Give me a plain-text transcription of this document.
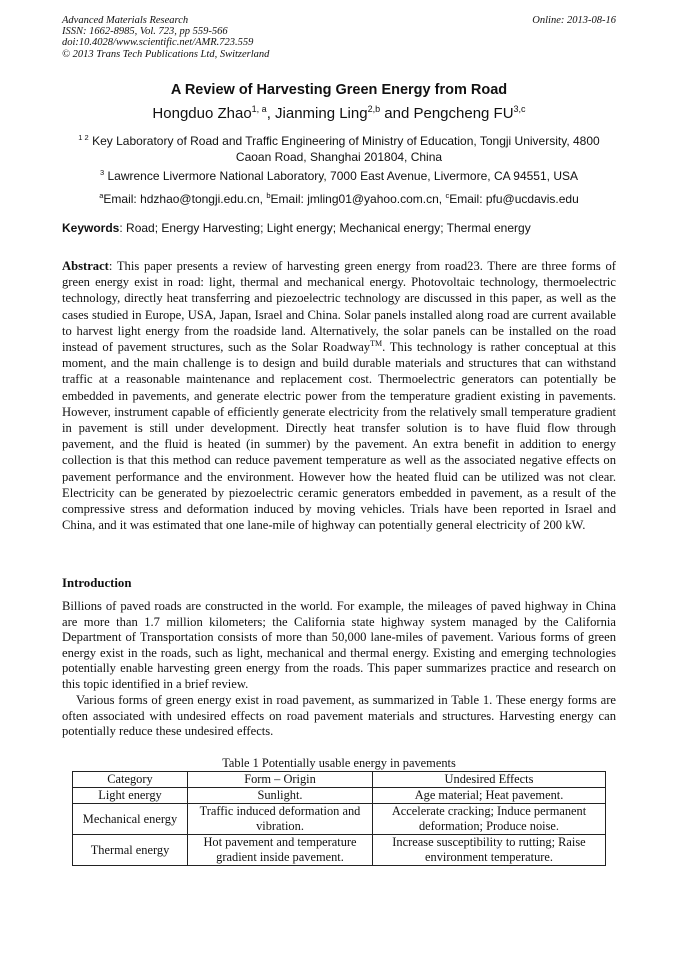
Advanced Materials Research
ISSN: 1662-8985, Vol. 723, pp 559-566
doi:10.4028/www.scientific.net/AMR.723.559
© 2013 Trans Tech Publications Ltd, Switzerland
Online: 2013-08-16
A Review of Harvesting Green Energy from Road
Hongduo Zhao$^{1, a}$, Jianming Ling$^{2,b}$ and Pengcheng FU$^{3,c}$
$^{1 2}$ Key Laboratory of Road and Traffic Engineering of Ministry of Education, Tongji University, 4800 Caoan Road, Shanghai 201804, China
$^3$ Lawrence Livermore National Laboratory, 7000 East Avenue, Livermore, CA 94551, USA
$^a$Email: hdzhao@tongji.edu.cn, $^b$Email: jmling01@yahoo.com.cn, $^c$Email: pfu@ucdavis.edu
Keywords: Road; Energy Harvesting; Light energy; Mechanical energy; Thermal energy
Abstract: This paper presents a review of harvesting green energy from road23. There are three forms of green energy exist in road: light, thermal and mechanical energy. Photovoltaic technology, thermoelectric technology, directly heat transferring and piezoelectric technology are discussed in this paper, as well as the cases studied in Europe, USA, Japan, Israel and China. Solar panels installed along road are current available to harvest light energy from the roadside land. Alternatively, the solar panels can be installed on the road instead of pavement structures, such as the Solar Roadway™. This technology is rather conceptual at this moment, and the main challenge is to design and build durable materials and structures that can withstand traffic at a reasonable maintenance and replacement cost. Thermoelectric generators can potentially be embedded in pavements, and generate electric power from the temperature gradient existing in pavements. However, instrument capable of efficiently generate electricity from the relatively small temperature gradient in pavement is still under development. Directly heat transfer solution is to have fluid flow through pavement, and the fluid is heated (in summer) by the pavement. An extra benefit in addition to energy collection is that this method can reduce pavement temperature as well as the associated negative effects on pavement performance and the environment. However how the heated fluid can be utilized was not clear. Electricity can be generated by piezoelectric ceramic generators embedded in pavement, as a result of the compressive stress and deformation induced by moving vehicles. Trials have been reported in Israel and China, and it was estimated that one lane-mile of highway can potentially general electricity of 200 kW.
Introduction
Billions of paved roads are constructed in the world. For example, the mileages of paved highway in China are more than 1.7 million kilometers; the California state highway system managed by the California Department of Transportation consists of more than 50,000 lane-miles of pavement. Various forms of green energy exist in the roads, such as light, mechanical and thermal energy. Existing and emerging technologies potentially enable harvesting green energy from the roads. This paper summarizes practice and research on this topic identified in a brief review.
Various forms of green energy exist in road pavement, as summarized in Table 1. These energy forms are often associated with undesired effects on road pavement materials and structures. Harvesting energy can potentially reduce these undesired effects.
Table 1 Potentially usable energy in pavements
Category	Form – Origin	Undesired Effects
Light energy	Sunlight.	Age material; Heat pavement.
Mechanical energy	Traffic induced deformation and vibration.	Accelerate cracking; Induce permanent deformation; Produce noise.
Thermal energy	Hot pavement and temperature gradient inside pavement.	Increase susceptibility to rutting; Raise environment temperature.
